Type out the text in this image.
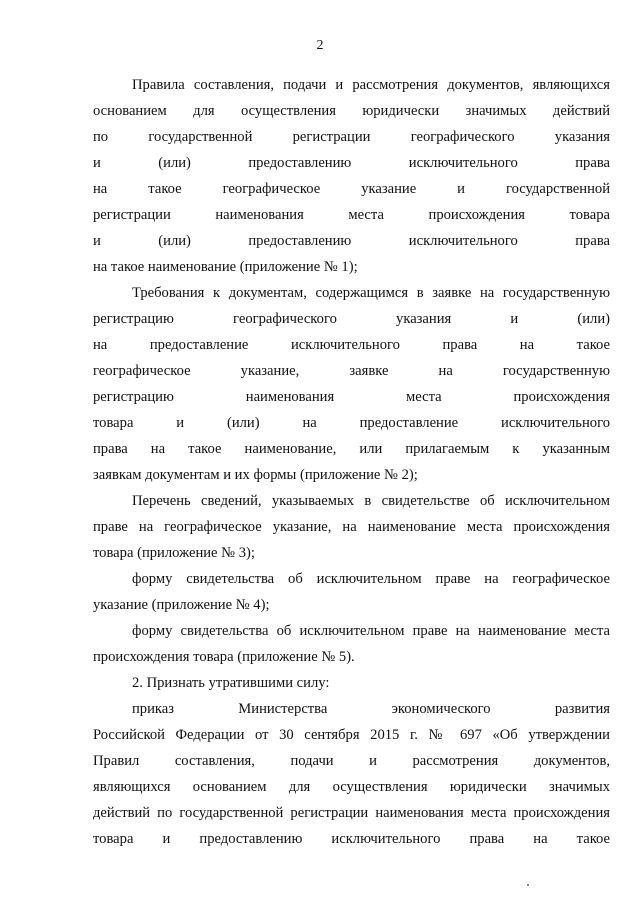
2
Правила составления, подачи и рассмотрения документов, являющихся
основанием для осуществления юридически значимых действий
по государственной регистрации географического указания
и (или) предоставлению исключительного права
на такое географическое указание и государственной
регистрации наименования места происхождения товара
и (или) предоставлению исключительного права
на такое наименование (приложение № 1);
Требования к документам, содержащимся в заявке на государственную
регистрацию географического указания и (или)
на предоставление исключительного права на такое
географическое указание, заявке на государственную
регистрацию наименования места происхождения
товара и (или) на предоставление исключительного
права на такое наименование, или прилагаемым к указанным
заявкам документам и их формы (приложение № 2);
Перечень сведений, указываемых в свидетельстве об исключительном
праве на географическое указание, на наименование места происхождения
товара (приложение № 3);
форму свидетельства об исключительном праве на географическое
указание (приложение № 4);
форму свидетельства об исключительном праве на наименование места
происхождения товара (приложение № 5).
2. Признать утратившими силу:
приказ Министерства экономического развития
Российской Федерации от 30 сентября 2015 г. № 697 «Об утверждении
Правил составления, подачи и рассмотрения документов,
являющихся основанием для осуществления юридически значимых
действий по государственной регистрации наименования места происхождения
товара и предоставлению исключительного права на такое
